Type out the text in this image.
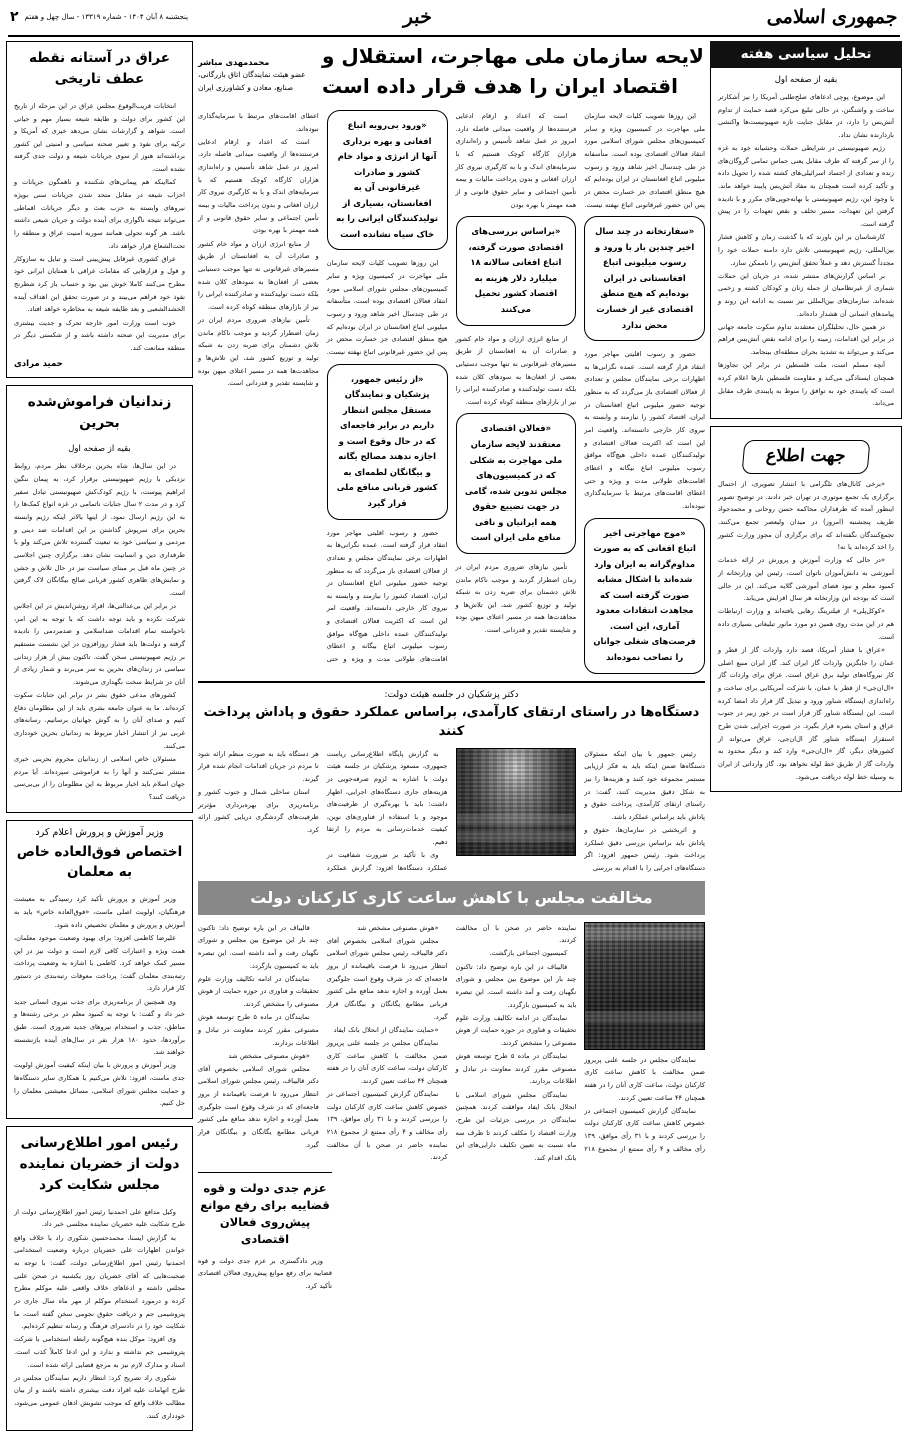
جمهوری اسلامی
خبر
پنجشنبه ۸ آبان ۱۴۰۴ - شماره ۱۳۳۱۹ - سال چهل و هفتم
۲
تحلیل سیاسی هفته
بقیه از صفحه اول

این موضوع، پوچی ادعاهای صلح‌طلبی آمریکا را نیز آشکارتر ساخت و واشنگتن، در حالی تبلیغ می‌کرد قصد حمایت از تداوم آتش‌بس را دارد، در مقابل جنایت تازه صهیونیست‌ها واکنشی بازدارنده نشان نداد.

رژیم صهیونیستی در شرایطی حملات وحشیانه خود به غزه را از سر گرفته که طرف مقابل یعنی حماس تمامی گروگان‌های زنده و تعدادی از اجساد اسرائیلی‌های کشته شده را تحویل داده و تأکید کرده است همچنان به مفاد آتش‌بس پایبند خواهد ماند. با وجود این، رژیم صهیونیستی با بهانه‌جویی‌های مکرر و با نادیده گرفتن این تعهدات، مسیر تخلف و نقض تعهدات را در پیش گرفته است.

کارشناسان بر این باورند که با گذشت زمان و کاهش فشار بین‌المللی، رژیم صهیونیستی تلاش دارد دامنه حملات خود را مجدداً گسترش دهد و عملاً تحقق آتش‌بس را ناممکن سازد.

بر اساس گزارش‌های منتشر شده، در جریان این حملات شماری از غیرنظامیان از جمله زنان و کودکان کشته و زخمی شده‌اند. سازمان‌های بین‌المللی نیز نسبت به ادامه این روند و پیامدهای انسانی آن هشدار داده‌اند.

در همین حال، تحلیلگران معتقدند تداوم سکوت جامعه جهانی در برابر این اقدامات، زمینه را برای ادامه نقض آتش‌بس فراهم می‌کند و می‌تواند به تشدید بحران منطقه‌ای بینجامد.

آنچه مسلم است، ملت فلسطین در برابر این تجاوزها همچنان ایستادگی می‌کند و مقاومت فلسطین بارها اعلام کرده است که پایبندی خود به توافق را منوط به پایبندی طرف مقابل می‌داند.

جهت اطلاع

«برخی کانال‌های تلگرامی با انتشار تصویری، از احتمال برگزاری یک تجمع موتوری در تهران خبر دادند. در توضیح تصویر اینطور آمده که طرفداران محاکمه حسن روحانی و محمدجواد ظریف پنجشنبه (امروز) در میدان ولیعصر تجمع می‌کنند. تجمع‌کنندگان نگفته‌اند که برای برگزاری آن مجوز وزارت کشور را اخذ کرده‌اند یا نه!

«در حالی که وزارت آموزش و پرورش در ارائه خدمات آموزشی به دانش‌آموزان ناتوان است، رئیس این وزارتخانه از کمبود معلم و نبود فضای آموزشی گلایه می‌کند. این در حالی است که بودجه این وزارتخانه هر سال افزایش می‌یابد.

«کوکل‌پلی» از فیلترینگ رهایی یافته‌اند و وزارت ارتباطات هم در این مدت روی همین دو مورد مانور تبلیغاتی بسیاری داده است.

«عراق با فشار آمریکا، قصد دارد واردات گاز از قطر و عمان را جایگزین واردات گاز ایران کند. گاز ایران منبع اصلی کار نیروگاه‌های تولید برق عراق است. عراق برای واردات گاز «ال‌ان‌جی» از قطر یا عمان، با شرکت آمریکایی برای ساخت و راه‌اندازی ایستگاه شناور ورود و تبدیل گاز قرار داد امضا کرده است. این ایستگاه شناور گاز قرار است در خور زبیر در جنوب عراق و استان بصره قرار بگیرد. در صورت اجرایی شدن طرح استقرار ایستگاه شناور گاز ال‌ان‌جی، عراق می‌تواند از کشورهای دیگر، گاز «ال‌ان‌جی» وارد کند و دیگر محدود به واردات گاز از طریق خط لوله نخواهد بود. گاز وارداتی از ایران به وسیله خط لوله دریافت می‌شود.

لایحه سازمان ملی مهاجرت، استقلال و اقتصاد ایران را هدف قرار داده است
محمدمهدی مباشر
عضو هیئت نمایندگان اتاق بازرگانی، صنایع، معادن و کشاورزی ایران

این روزها تصویب کلیات لایحه سازمان ملی مهاجرت در کمیسیون ویژه و سایر کمیسیون‌های مجلس شورای اسلامی مورد انتقاد فعالان اقتصادی بوده است. متأسفانه در طی چندسال اخیر شاهد ورود و رسوب میلیونی اتباع افغانستان در ایران بوده‌ایم که هیچ منطق اقتصادی جز خسارت محض در پس این حضور غیرقانونی اتباع نهفته نیست.

«سفارتخانه در چند سال اخیر چندین بار با ورود و رسوب میلیونی اتباع افغانستانی در ایران بوده‌ایم که هیچ منطق اقتصادی غیر از خسارت محض ندارد

حضور و رسوب اقلیتی مهاجر مورد انتقاد قرار گرفته است. عمده نگرانی‌ها به اظهارات برخی نمایندگان مجلس و تعدادی از فعالان اقتصادی باز می‌گردد که به منظور توجیه حضور میلیونی اتباع افغانستان در ایران، اقتصاد کشور را نیازمند و وابسته به نیروی کار خارجی دانسته‌اند. واقعیت امر این است که اکثریت فعالان اقتصادی و تولیدکنندگان عمده داخلی هیچ‌گاه موافق رسوب میلیونی اتباع بیگانه و اعطای اقامت‌های طولانی مدت و ویژه و حتی اعطای اقامت‌های مرتبط با سرمایه‌گذاری نبوده‌اند.

«موج مهاجرتی اخیر اتباع افغانی که به صورت مداوم‌گرانه به ایران وارد شده‌اند با اشکال مشابه صورت گرفته است که مجاهدت انتقادات معدود آماری، این است. فرصت‌های شغلی جوانان را تصاحب نموده‌اند

است که اعداد و ارقام ادعایی فرستنده‌ها از واقعیت میدانی فاصله دارد. امروز در عمل شاهد تأسیس و راه‌اندازی هزاران کارگاه کوچک هستیم که با سرمایه‌های اندک و با به کارگیری نیروی کار ارزان افغانی و بدون پرداخت مالیات و بیمه تأمین اجتماعی و سایر حقوق قانونی و از همه مهمتر با بهره بودن

«براساس بررسی‌های اقتصادی صورت گرفته، اتباع افغانی سالانه ۱۸ میلیارد دلار هزینه به اقتصاد کشور تحمیل می‌کنند

از منابع انرژی ارزان و مواد خام کشور و صادرات آن به افغانستان از طریق مسیرهای غیرقانونی نه تنها موجب دستیابی بعضی از افغان‌ها به سودهای کلان شده بلکه دست تولیدکننده و صادرکننده ایرانی را نیز از بازارهای منطقه کوتاه کرده است.

«فعالان اقتصادی معتقدند لایحه سازمان ملی مهاجرت به شکلی که در کمیسیون‌های مجلس تدوین شده، گامی در جهت تضییع حقوق همه ایرانیان و نافی منافع ملی ایران است

تأمین نیازهای ضروری مردم ایران در زمان اضطرار گردید و موجب ناکام ماندن تلاش دشمنان برای ضربه زدن به شبکه تولید و توزیع کشور شد، این تلاش‌ها و مجاهدت‌ها همه در مسیر اعتلای میهن بوده و شایسته تقدیر و قدردانی است.

«ورود بی‌رویه اتباع افغانی و بهره برداری آنها از انرژی و مواد خام کشور و صادرات غیرقانونی آن به افغانستان، بسیاری از تولیدکنندگان ایرانی را به خاک سیاه نشانده است

این روزها تصویب کلیات لایحه سازمان ملی مهاجرت در کمیسیون ویژه و سایر کمیسیون‌های مجلس شورای اسلامی مورد انتقاد فعالان اقتصادی بوده است. متأسفانه در طی چندسال اخیر شاهد ورود و رسوب میلیونی اتباع افغانستان در ایران بوده‌ایم که هیچ منطق اقتصادی جز خسارت محض در پس این حضور غیرقانونی اتباع نهفته نیست.

«از رئیس جمهور، پزشکیان و نمایندگان مستقل مجلس انتظار داریم در برابر فاجعه‌ای که در حال وقوع است و اجازه ندهند مصالح یگانه و بیگانگان لطمه‌ای به کشور قربانی منافع ملی قرار گیرد

حضور و رسوب اقلیتی مهاجر مورد انتقاد قرار گرفته است. عمده نگرانی‌ها به اظهارات برخی نمایندگان مجلس و تعدادی از فعالان اقتصادی باز می‌گردد که به منظور توجیه حضور میلیونی اتباع افغانستان در ایران، اقتصاد کشور را نیازمند و وابسته به نیروی کار خارجی دانسته‌اند. واقعیت امر این است که اکثریت فعالان اقتصادی و تولیدکنندگان عمده داخلی هیچ‌گاه موافق رسوب میلیونی اتباع بیگانه و اعطای اقامت‌های طولانی مدت و ویژه و حتی اعطای اقامت‌های مرتبط با سرمایه‌گذاری نبوده‌اند.

است که اعداد و ارقام ادعایی فرستنده‌ها از واقعیت میدانی فاصله دارد. امروز در عمل شاهد تأسیس و راه‌اندازی هزاران کارگاه کوچک هستیم که با سرمایه‌های اندک و با به کارگیری نیروی کار ارزان افغانی و بدون پرداخت مالیات و بیمه تأمین اجتماعی و سایر حقوق قانونی و از همه مهمتر با بهره بودن

از منابع انرژی ارزان و مواد خام کشور و صادرات آن به افغانستان از طریق مسیرهای غیرقانونی نه تنها موجب دستیابی بعضی از افغان‌ها به سودهای کلان شده بلکه دست تولیدکننده و صادرکننده ایرانی را نیز از بازارهای منطقه کوتاه کرده است.

تأمین نیازهای ضروری مردم ایران در زمان اضطرار گردید و موجب ناکام ماندن تلاش دشمنان برای ضربه زدن به شبکه تولید و توزیع کشور شد، این تلاش‌ها و مجاهدت‌ها همه در مسیر اعتلای میهن بوده و شایسته تقدیر و قدردانی است.

دکتر پزشکیان در جلسه هیئت دولت:
دستگاه‌ها در راستای ارتقای کارآمدی، براساس عملکرد حقوق و پاداش پرداخت کنند

رئیس جمهور با بیان اینکه مسئولان دستگاه‌ها ضمن اینکه باید به فکر ارزیابی مستمر مجموعه خود کنند و هزینه‌ها را نیز به شکل دقیق مدیریت کنند، گفت: در راستای ارتقای کارآمدی، پرداخت حقوق و پاداش باید براساس عملکرد باشد.

و اثربخشی در سازمان‌ها، حقوق و پاداش باید براساس بررسی دقیق عملکرد پرداخت شود. رئیس جمهور افزود: اگر دستگاه‌های اجرایی را با اقدام به بررسی

به گزارش پایگاه اطلاع‌رسانی ریاست جمهوری، مسعود پزشکیان در جلسه هیئت دولت با اشاره به لزوم صرفه‌جویی در هزینه‌های جاری دستگاه‌های اجرایی، اظهار داشت: باید با بهره‌گیری از ظرفیت‌های موجود و با استفاده از فناوری‌های نوین، کیفیت خدمات‌رسانی به مردم را ارتقا دهیم.

وی با تأکید بر ضرورت شفافیت در عملکرد دستگاه‌ها افزود: گزارش عملکرد هر دستگاه باید به صورت منظم ارائه شود تا مردم در جریان اقدامات انجام شده قرار گیرند.

استان ساحلی شمال و جنوب کشور و برنامه‌ریزی برای بهره‌برداری مؤثرتر ظرفیت‌های گردشگری دریایی کشور ارائه کرد.

مخالفت مجلس با کاهش ساعت کاری کارکنان دولت

نمایندگان مجلس در جلسه علنی پریروز ضمن مخالفت با کاهش ساعت کاری کارکنان دولت، ساعت کاری آنان را در هفته همچنان ۴۴ ساعت تعیین کردند.

نمایندگان گزارش کمیسیون اجتماعی در خصوص کاهش ساعت کاری کارکنان دولت را بررسی کردند و با ۳۱ رأی موافق، ۱۳۹ رأی مخالف و ۴ رأی ممتنع از مجموع ۲۱۸ نماینده حاضر در صحن با آن مخالفت کردند.

کمیسیون اجتماعی بازگشت.

قالیباف در این باره توضیح داد: تاکنون چند بار این موضوع بین مجلس و شورای نگهبان رفت و آمد داشته است. این تبصره باید به کمیسیون بازگردد.

نمایندگان در ادامه تکالیف وزارت علوم تحقیقات و فناوری در حوزه حمایت از هوش مصنوعی را مشخص کردند.

نمایندگان در ماده ۵ طرح توسعه هوش مصنوعی مقرر کردند معاونت در تبادل و اطلاعات بردارند.

نمایندگان مجلس شورای اسلامی با انحلال بانک ایفاد موافقت کردند. همچنین نمایندگان در بررسی جزئیات این طرح، وزارت اقتصاد را مکلف کردند تا ظرف سه ماه نسبت به تعیین تکلیف دارایی‌های این بانک اقدام کند.

«هوش مصنوعی مشخص شد

مجلس شورای اسلامی بخصوص آقای دکتر قالیباف، رئیس مجلس شورای اسلامی انتظار می‌رود تا فرصت باقیمانده از بروز فاجعه‌ای که در شرف وقوع است جلوگیری بعمل آورده و اجازه ندهد منافع ملی کشور قربانی مطامع یگانگان و بیگانگان قرار گیرد.

«حمایت نمایندگان از انحلال بانک ایفاد

نمایندگان مجلس در جلسه علنی پریروز ضمن مخالفت با کاهش ساعت کاری کارکنان دولت، ساعت کاری آنان را در هفته همچنان ۴۴ ساعت تعیین کردند.

نمایندگان گزارش کمیسیون اجتماعی در خصوص کاهش ساعت کاری کارکنان دولت را بررسی کردند و با ۳۱ رأی موافق، ۱۳۹ رأی مخالف و ۴ رأی ممتنع از مجموع ۲۱۸ نماینده حاضر در صحن با آن مخالفت کردند.

قالیباف در این باره توضیح داد: تاکنون چند بار این موضوع بین مجلس و شورای نگهبان رفت و آمد داشته است. این تبصره باید به کمیسیون بازگردد.

نمایندگان در ادامه تکالیف وزارت علوم تحقیقات و فناوری در حوزه حمایت از هوش مصنوعی را مشخص کردند.

نمایندگان در ماده ۵ طرح توسعه هوش مصنوعی مقرر کردند معاونت در تبادل و اطلاعات بردارند.

«هوش مصنوعی مشخص شد

مجلس شورای اسلامی بخصوص آقای دکتر قالیباف، رئیس مجلس شورای اسلامی انتظار می‌رود تا فرصت باقیمانده از بروز فاجعه‌ای که در شرف وقوع است جلوگیری بعمل آورده و اجازه ندهد منافع ملی کشور قربانی مطامع یگانگان و بیگانگان قرار گیرد.

عزم جدی دولت و قوه قضاییه برای رفع موانع پیش‌روی فعالان اقتصادی

وزیر دادگستری بر عزم جدی دولت و قوه قضاییه برای رفع موانع پیش‌روی فعالان اقتصادی تأکید کرد.

عراق در آستانه نقطه عطف تاریخی

انتخابات قریب‌الوقوع مجلس عراق در این مرحله از تاریخ این کشور برای دولت و طایفه شیعه بسیار مهم و حیاتی است. شواهد و گزارشات نشان می‌دهد خیزی که آمریکا و ترکیه برای نفوذ و تغییر صحنه سیاسی و امنیتی این کشور برداشته‌اند هنوز از سوی جریانات شیعه و دولت جدی گرفته نشده است.

کمااینکه هم پیمانی‌های شکننده و ناهمگون جریانات و احزاب شیعه در مقابل متحد شدن جریانات سنی بویژه نیروهای وابسته به حزب بعث و دیگر جریانات اقماطی می‌تواند نتیجه ناگواری برای آینده دولت و جریان شیعی داشته باشد. هر گونه تحولی همانند سوریه امنیت عراق و منطقه را تحت‌الشعاع قرار خواهد داد.

عراق کشوری غیرقابل پیش‌بینی است و تبایل به سازوکار و قول و قرارهایی که مقامات عراقی با همتایان ایرانی خود مطرح می‌کنند کاملا خوش بین بود و حساب باز کرد شطرنج نفوذ خود فراهم می‌بیند و در صورت تحقق این اهداف آینده الحشدالشعبی و بعد طایفه شیعه به مخاطره خواهد افتاد.

خوب است وزارت امور خارجه تحرک و جدیت بیشتری برای مدیریت این صحنه داشته باشد و از شکستی دیگر در منطقه ممانعت کند.

حمید مرادی
زندانیان فراموش‌شده بحرین
بقیه از صفحه اول

در این سال‌ها، شاه بحرین برخلاف نظر مردم، روابط نزدیکی با رژیم صهیونیستی برقرار کرد، به پیمان ننگین ابراهیم پیوست، با رژیم کودک‌کش صهیونیستی تبادل سفیر کرد و در مدت ۲ سال جنایات ناتمامی در غزه انواع کمک‌ها را به این رژیم ارسال نمود. از اینها بالاتر اینکه رژیم وابسته بحرین برای سرپوش گذاشتن بر این اقدامات ضد دینی و مردمی و سیاسی خود به تبعیت گسترده تلاش می‌کند ولو با طرفداری دین و انسانیت نشان دهد. برگزاری چنین اجلاسی در چنین ماه قبل بر مبنای سیاست نیز در حال تلاش و جشن و نمایش‌های ظاهری کشور قربانی صالح بیگانگان لاک گرفتن است.

در برابر این بی‌عدالتی‌ها، افراد روشن‌اندیش در این اجلاس شرکت نکرده و باید توجه داشت که با توجه به این امر، ناخواسته تمام اقدامات ضداسلامی و ضدمردمی را نادیده گرفته و دولت‌ها باید فشار روزافزون در این نشست مستقیم بر رژیم صهیونیستی سخن گفت. تاکنون بیش از هزار زندانی سیاسی در زندان‌های بحرین به سر می‌برند و شمار زیادی از آنان در شرایط سخت نگهداری می‌شوند.

کشورهای مدعی حقوق بشر در برابر این جنایات سکوت کرده‌اند. ما به عنوان جامعه بشری باید از این مظلومان دفاع کنیم و صدای آنان را به گوش جهانیان برسانیم. رسانه‌های غربی نیز از انتشار اخبار مربوط به زندانیان بحرین خودداری می‌کنند.

مسئولان خاص اسلامی از زندانیان محروم بحرینی خبری منتشر نمی‌کنند و آنها را به فراموشی سپرده‌اند. آیا مردم جهان اسلام باید اخبار مربوط به این مظلومان را از بی‌بی‌سی دریافت کنند؟

وزیر آموزش و پرورش اعلام کرد
اختصاص فوق‌العاده خاص به معلمان

وزیر آموزش و پرورش تأکید کرد رسیدگی به معیشت فرهنگیان، اولویت اصلی ماست، «فوق‌العاده خاص» باید به آموزش و پرورش و معلمان تخصیص داده شود.

علیرضا کاظمی افزود: برای بهبود وضعیت موجود معلمان، همت ویژه و اعتبارات کافی لازم است و دولت نیز در این مسیر کمک خواهد کرد. کاظمی با اشاره به وضعیت پرداخت رتبه‌بندی معلمان گفت: پرداخت معوقات رتبه‌بندی در دستور کار قرار دارد.

وی همچنین از برنامه‌ریزی برای جذب نیروی انسانی جدید خبر داد و گفت: با توجه به کمبود معلم در برخی رشته‌ها و مناطق، جذب و استخدام نیروهای جدید ضروری است. طبق برآوردها، حدود ۱۸۰ هزار نفر در سال‌های آینده بازنشسته خواهند شد.

وزیر آموزش و پرورش با بیان اینکه کیفیت آموزش اولویت جدی ماست، افزود: تلاش می‌کنیم با همکاری سایر دستگاه‌ها و حمایت مجلس شورای اسلامی، مسائل معیشتی معلمان را حل کنیم.

رئیس امور اطلاع‌رسانی دولت از خضریان نماینده مجلس شکایت کرد

وکیل مدافع علی احمدنیا رئیس امور اطلاع‌رسانی دولت از طرح شکایت علیه خضریان نماینده مجلسی خبر داد.

به گزارش ایسنا، محمدحسین شکوری راد با خلاف واقع خواندن اظهارات علی خضریان درباره وضعیت استخدامی احمدنیا رئیس امور اطلاع‌رسانی دولت، گفت: با توجه به صحبت‌هایی که آقای خضریان روز یکشنبه در صحن علنی مجلس داشته و ادعاهای خلاف واقعی علیه موکلم مطرح کرده و درمورد استخدام موکلم از مهر ماه سال جاری در پتروشیمی جم و دریافت حقوق نجومی سخن گفته است، ما شکایت خود را در دادسرای فرهنگ و رسانه تنظیم کرده‌ایم.

وی افزود: موکل بنده هیچ‌گونه رابطه استخدامی با شرکت پتروشیمی جم نداشته و ندارد و این ادعا کاملاً کذب است. اسناد و مدارک لازم نیز به مرجع قضایی ارائه شده است.

شکوری راد تصریح کرد: انتظار داریم نمایندگان مجلس در طرح اتهامات علیه افراد دقت بیشتری داشته باشند و از بیان مطالب خلاف واقع که موجب تشویش اذهان عمومی می‌شود، خودداری کنند.
